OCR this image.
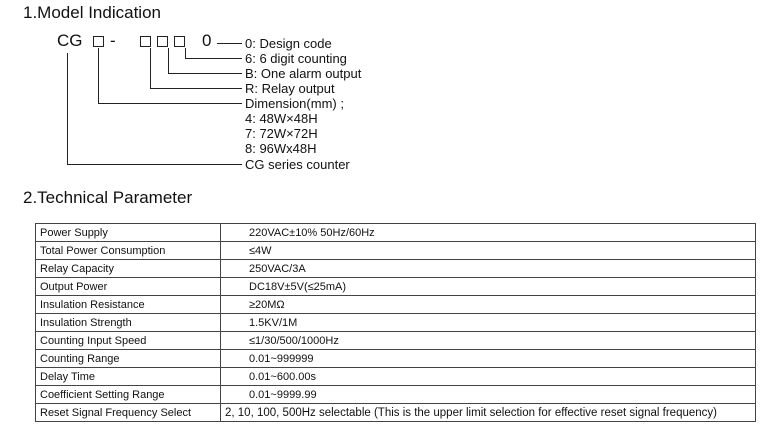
1.Model Indication
CG -	0	0: Design code
6: 6 digit counting
B: One alarm output
R: Relay output
Dimension(mm) ;
4: 48W×48H
7: 72W×72H
8: 96Wx48H
CG series counter
2.Technical Parameter
Power Supply	220VAC±10% 50Hz/60Hz
Total Power Consumption	≤4W
Relay Capacity	250VAC/3A
Output Power	DC18V±5V(≤25mA)
Insulation Resistance	≥20MΩ
Insulation Strength	1.5KV/1M
Counting Input Speed	≤1/30/500/1000Hz
Counting Range	0.01~999999
Delay Time	0.01~600.00s
Coefficient Setting Range	0.01~9999.99
Reset Signal Frequency Select	2, 10, 100, 500Hz selectable (This is the upper limit selection for effective reset signal frequency)
